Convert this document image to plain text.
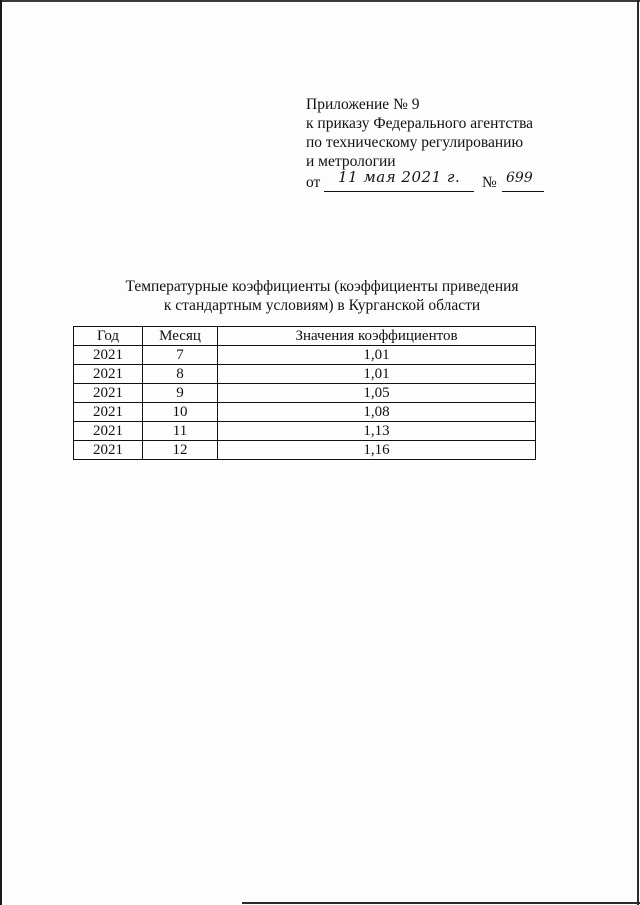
Приложение № 9
к приказу Федерального агентства
по техническому регулированию
и метрологии
от 11 мая 2021 г. № 699
Температурные коэффициенты (коэффициенты приведения
к стандартным условиям) в Курганской области
Год	Месяц	Значения коэффициентов
2021	7	1,01
2021	8	1,01
2021	9	1,05
2021	10	1,08
2021	11	1,13
2021	12	1,16
